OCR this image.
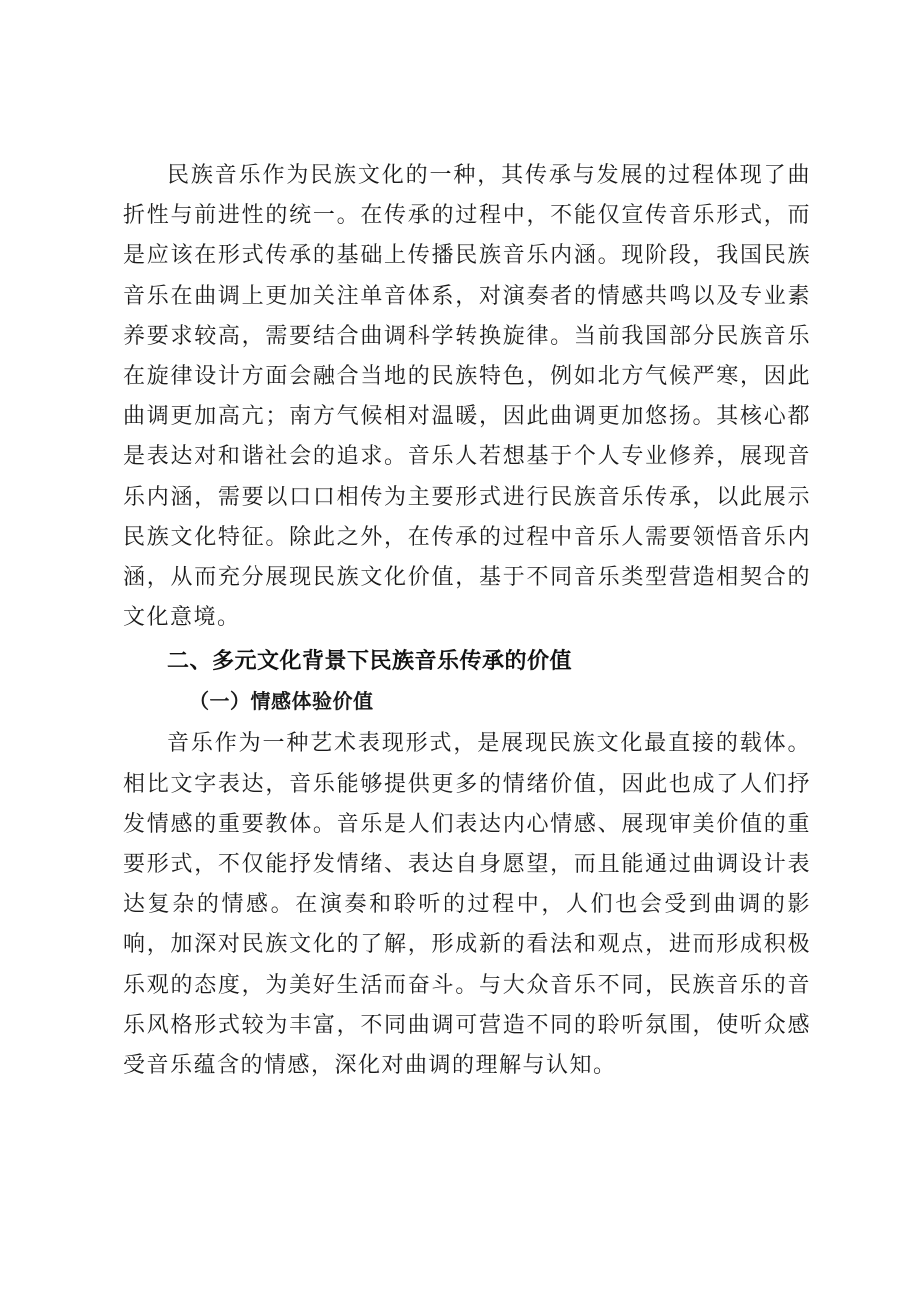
民族音乐作为民族文化的一种，其传承与发展的过程体现了曲折性与前进性的统一。在传承的过程中，不能仅宣传音乐形式，而是应该在形式传承的基础上传播民族音乐内涵。现阶段，我国民族音乐在曲调上更加关注单音体系，对演奏者的情感共鸣以及专业素养要求较高，需要结合曲调科学转换旋律。当前我国部分民族音乐在旋律设计方面会融合当地的民族特色，例如北方气候严寒，因此曲调更加高亢；南方气候相对温暖，因此曲调更加悠扬。其核心都是表达对和谐社会的追求。音乐人若想基于个人专业修养，展现音乐内涵，需要以口口相传为主要形式进行民族音乐传承，以此展示民族文化特征。除此之外，在传承的过程中音乐人需要领悟音乐内涵，从而充分展现民族文化价值，基于不同音乐类型营造相契合的文化意境。

二、多元文化背景下民族音乐传承的价值
（一）情感体验价值

音乐作为一种艺术表现形式，是展现民族文化最直接的载体。相比文字表达，音乐能够提供更多的情绪价值，因此也成了人们抒发情感的重要教体。音乐是人们表达内心情感、展现审美价值的重要形式，不仅能抒发情绪、表达自身愿望，而且能通过曲调设计表达复杂的情感。在演奏和聆听的过程中，人们也会受到曲调的影响，加深对民族文化的了解，形成新的看法和观点，进而形成积极乐观的态度，为美好生活而奋斗。与大众音乐不同，民族音乐的音乐风格形式较为丰富，不同曲调可营造不同的聆听氛围，使听众感受音乐蕴含的情感，深化对曲调的理解与认知。
